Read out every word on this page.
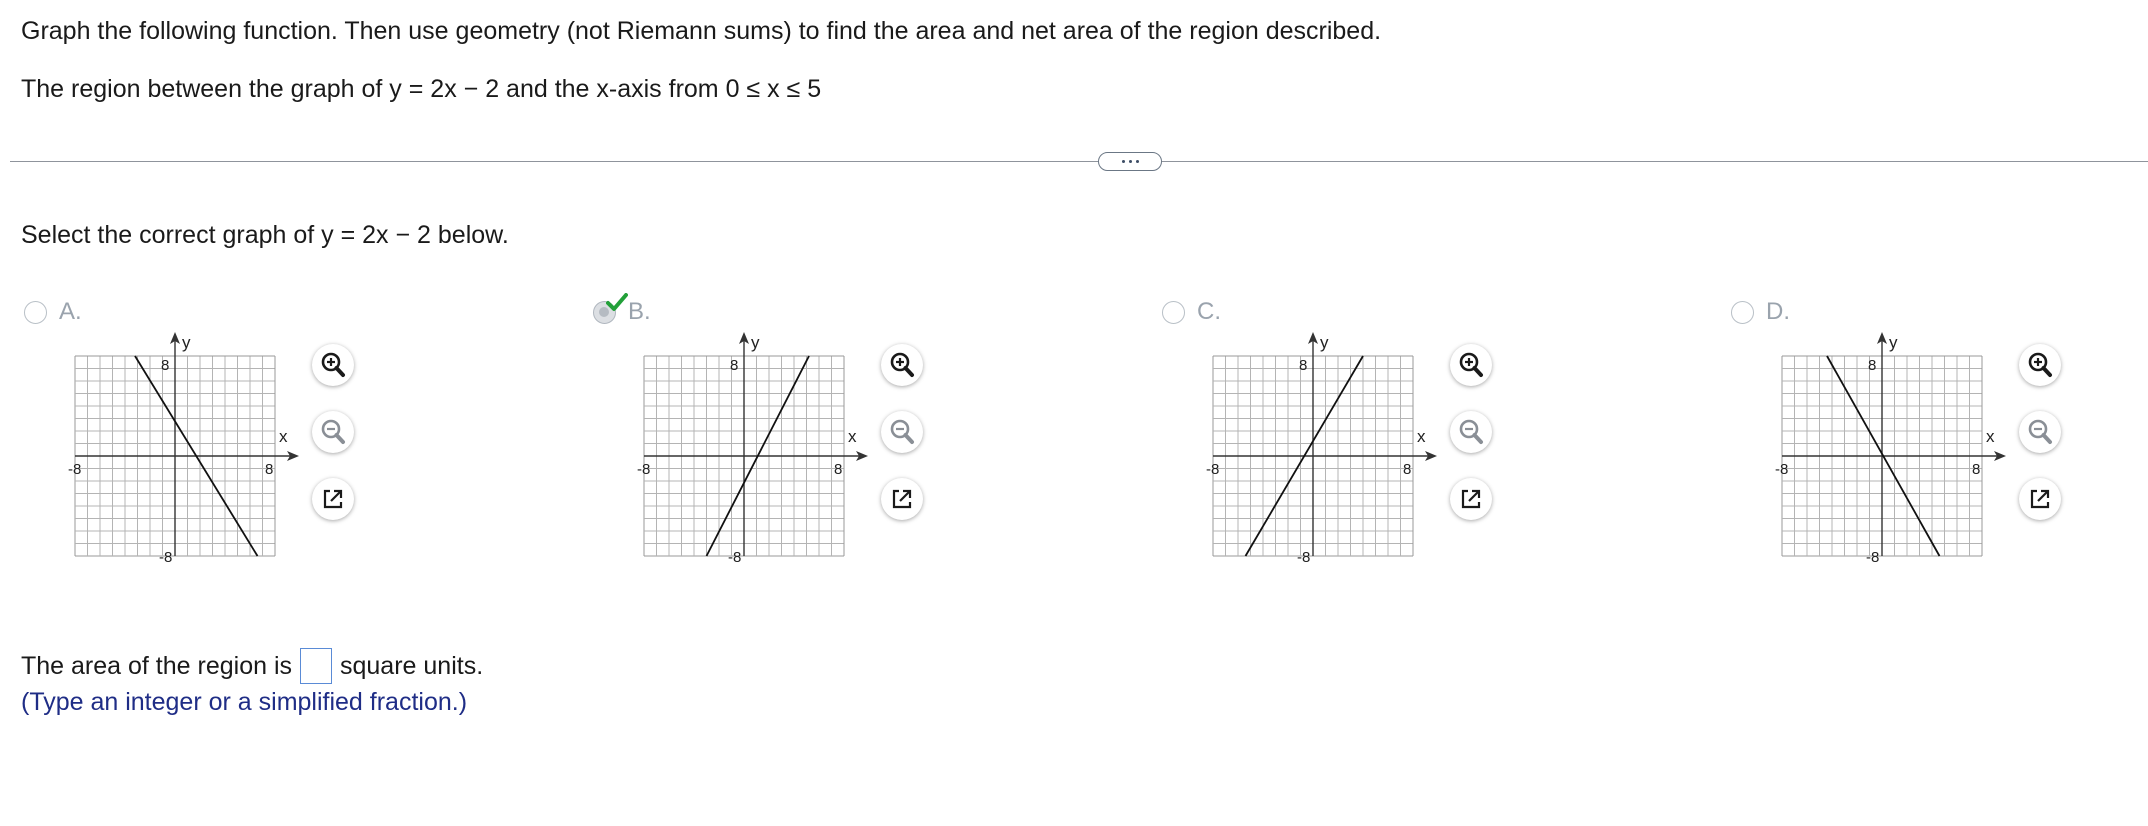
Graph the following function. Then use geometry (not Riemann sums) to find the area and net area of the region described.
The region between the graph of y = 2x − 2 and the x-axis from 0 ≤ x ≤ 5
Select the correct graph of y = 2x − 2 below.
A.	B.	C.	D.
x
y
-8	8
8
-8
x
y
-8	8
8
-8
x
y
-8	8
8
-8
x
y
-8	8
8
-8
The area of the region is square units.
(Type an integer or a simplified fraction.)
